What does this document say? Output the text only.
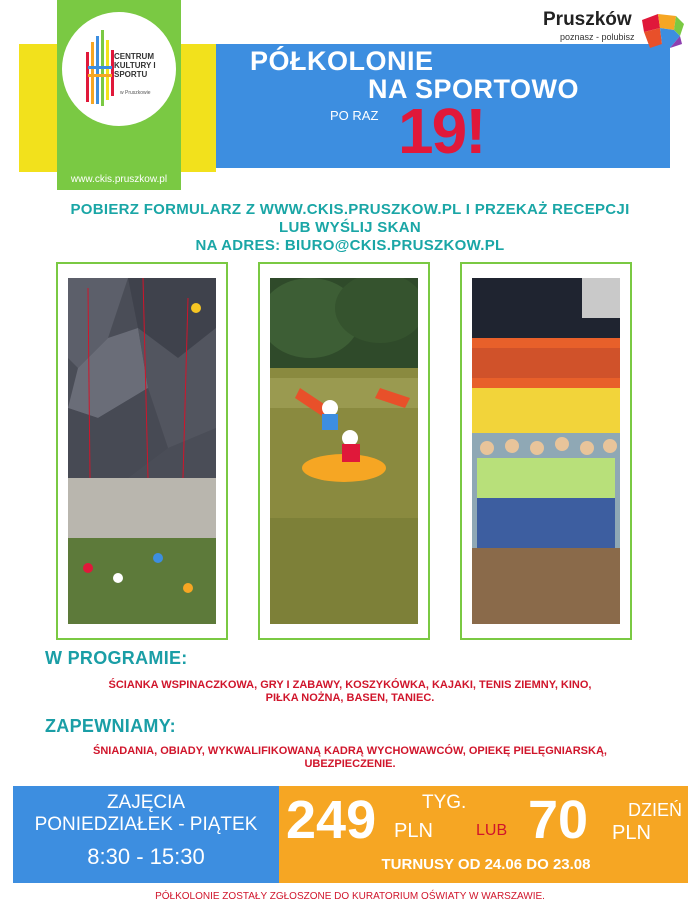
CENTRUM KULTURY I SPORTU
w Pruszkowie
www.ckis.pruszkow.pl
PÓŁKOLONIE
NA SPORTOWO
PO RAZ 19!
Pruszków
poznasz - polubisz
POBIERZ FORMULARZ Z WWW.CKIS.PRUSZKOW.PL I PRZEKAŻ RECEPCJI
LUB WYŚLIJ SKAN
NA ADRES: BIURO@CKIS.PRUSZKOW.PL
W PROGRAMIE:
ŚCIANKA WSPINACZKOWA, GRY I ZABAWY, KOSZYKÓWKA, KAJAKI, TENIS ZIEMNY, KINO,
PIŁKA NOŻNA, BASEN, TANIEC.
ZAPEWNIAMY:
ŚNIADANIA, OBIADY, WYKWALIFIKOWANĄ KADRĄ WYCHOWAWCÓW, OPIEKĘ PIELĘGNIARSKĄ,
UBEZPIECZENIE.
ZAJĘCIA
PONIEDZIAŁEK - PIĄTEK
8:30 - 15:30
249 TYG.
PLN	LUB 70 DZIEŃ
PLN
TURNUSY OD 24.06 DO 23.08
PÓŁKOLONIE ZOSTAŁY ZGŁOSZONE DO KURATORIUM OŚWIATY W WARSZAWIE.
